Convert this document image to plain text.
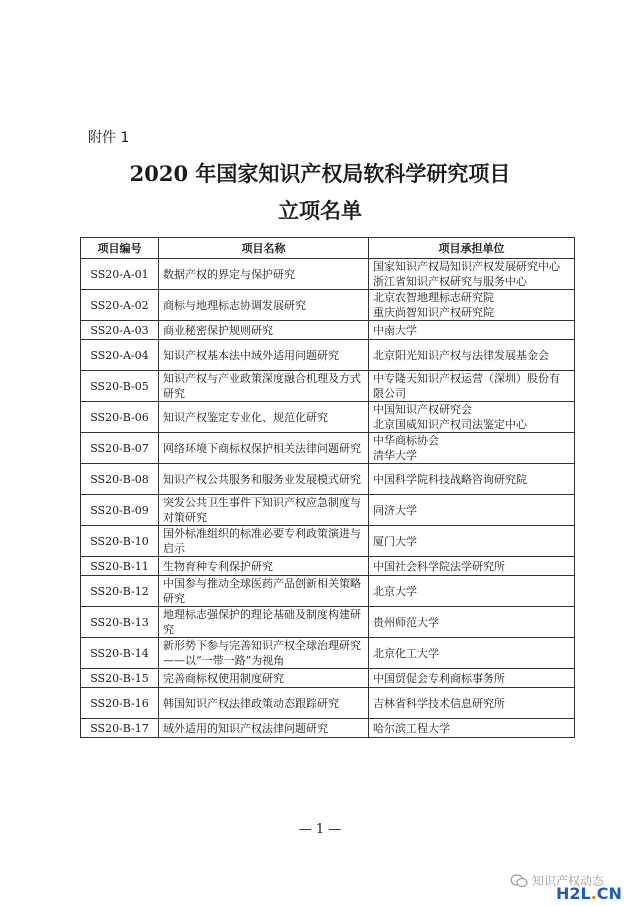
附件 1
2020 年国家知识产权局软科学研究项目
立项名单
项目编号	项目名称	项目承担单位
SS20-A-01	数据产权的界定与保护研究	国家知识产权局知识产权发展研究中心
浙江省知识产权研究与服务中心
SS20-A-02	商标与地理标志协调发展研究	北京农智地理标志研究院
重庆尚智知识产权研究院
SS20-A-03	商业秘密保护规则研究	中南大学
SS20-A-04	知识产权基本法中域外适用问题研究	北京阳光知识产权与法律发展基金会
SS20-B-05	知识产权与产业政策深度融合机理及方式研究	中专隆天知识产权运营（深圳）股份有限公司
SS20-B-06	知识产权鉴定专业化、规范化研究	中国知识产权研究会
北京国威知识产权司法鉴定中心
SS20-B-07	网络环境下商标权保护相关法律问题研究	中华商标协会
清华大学
SS20-B-08	知识产权公共服务和服务业发展模式研究	中国科学院科技战略咨询研究院
SS20-B-09	突发公共卫生事件下知识产权应急制度与对策研究	同济大学
SS20-B-10	国外标准组织的标准必要专利政策演进与启示	厦门大学
SS20-B-11	生物育种专利保护研究	中国社会科学院法学研究所
SS20-B-12	中国参与推动全球医药产品创新相关策略研究	北京大学
SS20-B-13	地理标志强保护的理论基础及制度构建研究	贵州师范大学
SS20-B-14	新形势下参与完善知识产权全球治理研究——以“一带一路”为视角	北京化工大学
SS20-B-15	完善商标权使用制度研究	中国贸促会专利商标事务所
SS20-B-16	韩国知识产权法律政策动态跟踪研究	吉林省科学技术信息研究所
SS20-B-17	域外适用的知识产权法律问题研究	哈尔滨工程大学
— 1 —
知识产权动态
H2L.CN
